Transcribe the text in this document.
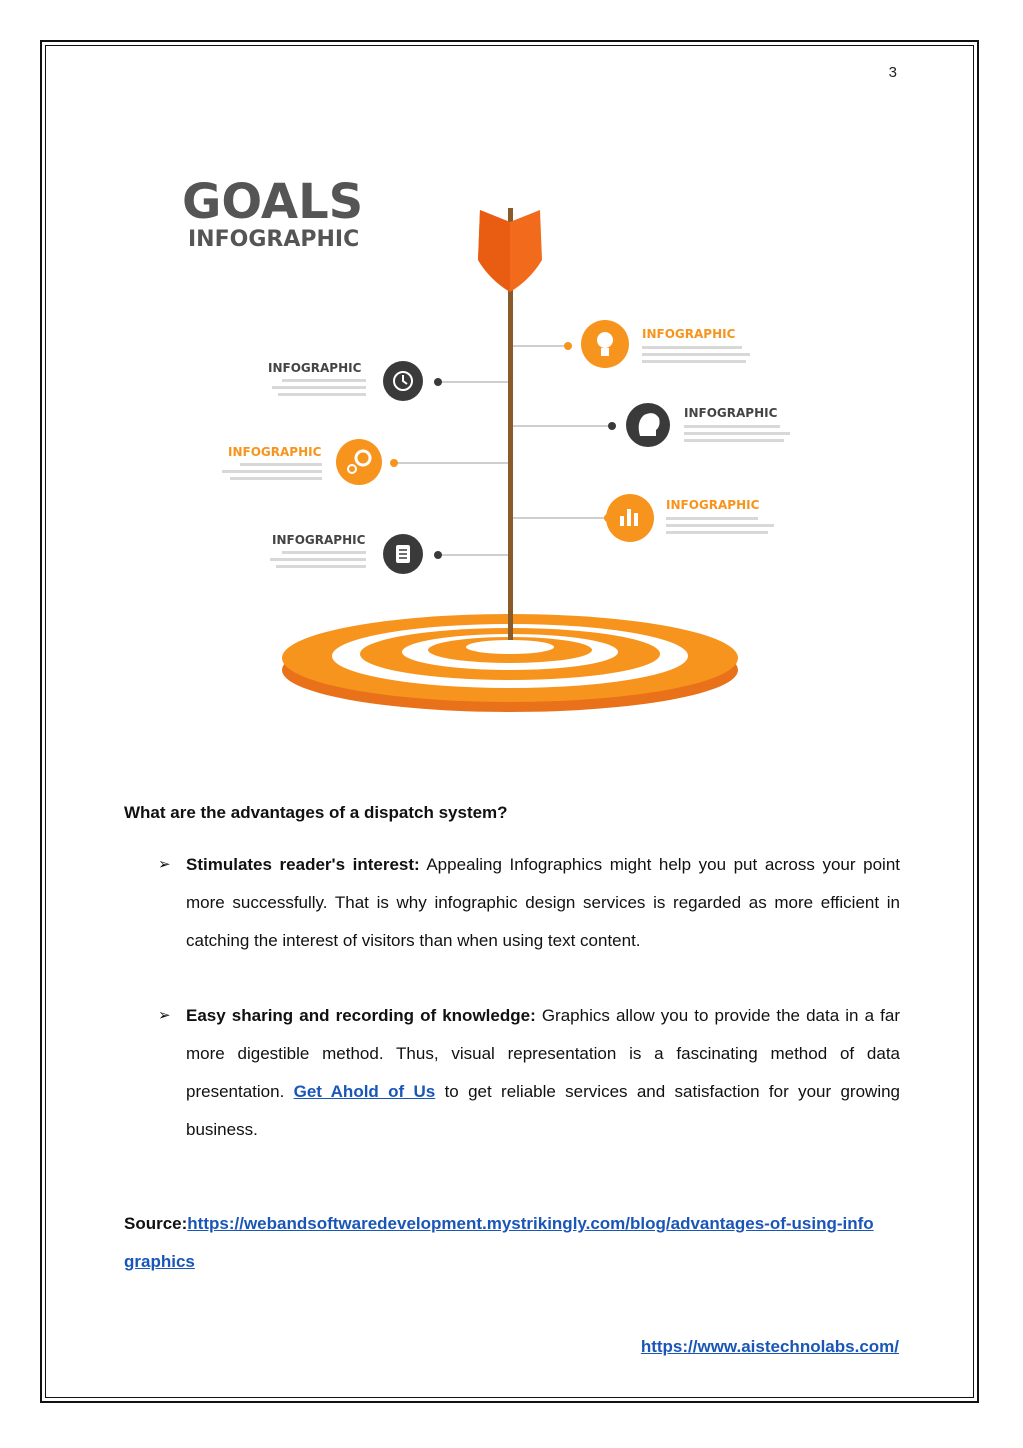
3
GOALS
INFOGRAPHIC
INFOGRAPHIC
INFOGRAPHIC
INFOGRAPHIC
INFOGRAPHIC
INFOGRAPHIC
INFOGRAPHIC
What are the advantages of a dispatch system?
➢ Stimulates reader's interest: Appealing Infographics might help you put across your point more successfully. That is why infographic design services is regarded as more efficient in catching the interest of visitors than when using text content.
➢ Easy sharing and recording of knowledge: Graphics allow you to provide the data in a far more digestible method. Thus, visual representation is a fascinating method of data presentation. Get Ahold of Us to get reliable services and satisfaction for your growing business.
Source:https://webandsoftwaredevelopment.mystrikingly.com/blog/advantages-of-using-infographics
https://www.aistechnolabs.com/
